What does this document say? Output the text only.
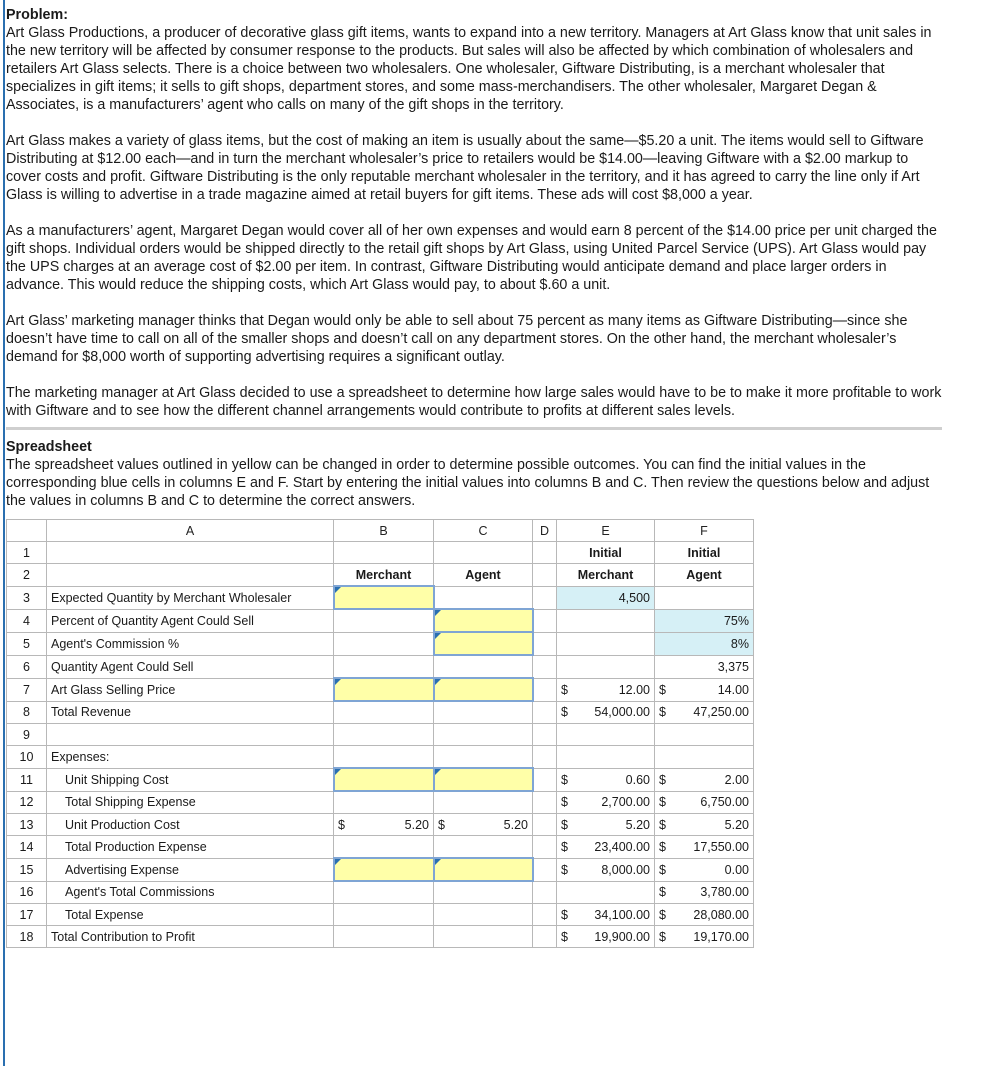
Problem:

Art Glass Productions, a producer of decorative glass gift items, wants to expand into a new territory. Managers at Art Glass know that unit sales in the new territory will be affected by consumer response to the products. But sales will also be affected by which combination of wholesalers and retailers Art Glass selects. There is a choice between two wholesalers. One wholesaler, Giftware Distributing, is a merchant wholesaler that specializes in gift items; it sells to gift shops, department stores, and some mass-merchandisers. The other wholesaler, Margaret Degan & Associates, is a manufacturers’ agent who calls on many of the gift shops in the territory.

Art Glass makes a variety of glass items, but the cost of making an item is usually about the same—$5.20 a unit. The items would sell to Giftware Distributing at $12.00 each—and in turn the merchant wholesaler’s price to retailers would be $14.00—leaving Giftware with a $2.00 markup to cover costs and profit. Giftware Distributing is the only reputable merchant wholesaler in the territory, and it has agreed to carry the line only if Art Glass is willing to advertise in a trade magazine aimed at retail buyers for gift items. These ads will cost $8,000 a year.

As a manufacturers’ agent, Margaret Degan would cover all of her own expenses and would earn 8 percent of the $14.00 price per unit charged the gift shops. Individual orders would be shipped directly to the retail gift shops by Art Glass, using United Parcel Service (UPS). Art Glass would pay the UPS charges at an average cost of $2.00 per item. In contrast, Giftware Distributing would anticipate demand and place larger orders in advance. This would reduce the shipping costs, which Art Glass would pay, to about $.60 a unit.

Art Glass’ marketing manager thinks that Degan would only be able to sell about 75 percent as many items as Giftware Distributing—since she doesn’t have time to call on all of the smaller shops and doesn’t call on any department stores. On the other hand, the merchant wholesaler’s demand for $8,000 worth of supporting advertising requires a significant outlay.

The marketing manager at Art Glass decided to use a spreadsheet to determine how large sales would have to be to make it more profitable to work with Giftware and to see how the different channel arrangements would contribute to profits at different sales levels.

Spreadsheet

The spreadsheet values outlined in yellow can be changed in order to determine possible outcomes. You can find the initial values in the corresponding blue cells in columns E and F. Start by entering the initial values into columns B and C. Then review the questions below and adjust the values in columns B and C to determine the correct answers.

	A	B	C	D	E	F
1					Initial	Initial
2		Merchant	Agent		Merchant	Agent
3	Expected Quantity by Merchant Wholesaler				4,500	
4	Percent of Quantity Agent Could Sell					75%
5	Agent's Commission %					8%
6	Quantity Agent Could Sell					3,375
7	Art Glass Selling Price				$ 12.00	$ 14.00

8	Total Revenue				$ 54,000.00	$ 47,250.00

9						
10	Expenses:					
11	Unit Shipping Cost				$ 0.60	$ 2.00

12	Total Shipping Expense				$ 2,700.00	$ 6,750.00

13	Unit Production Cost	$ 5.20	$ 5.20		$ 5.20	$ 5.20

14	Total Production Expense				$ 23,400.00	$ 17,550.00

15	Advertising Expense				$ 8,000.00	$ 0.00

16	Agent's Total Commissions					$ 3,780.00

17	Total Expense				$ 34,100.00	$ 28,080.00

18	Total Contribution to Profit				$ 19,900.00	$ 19,170.00
